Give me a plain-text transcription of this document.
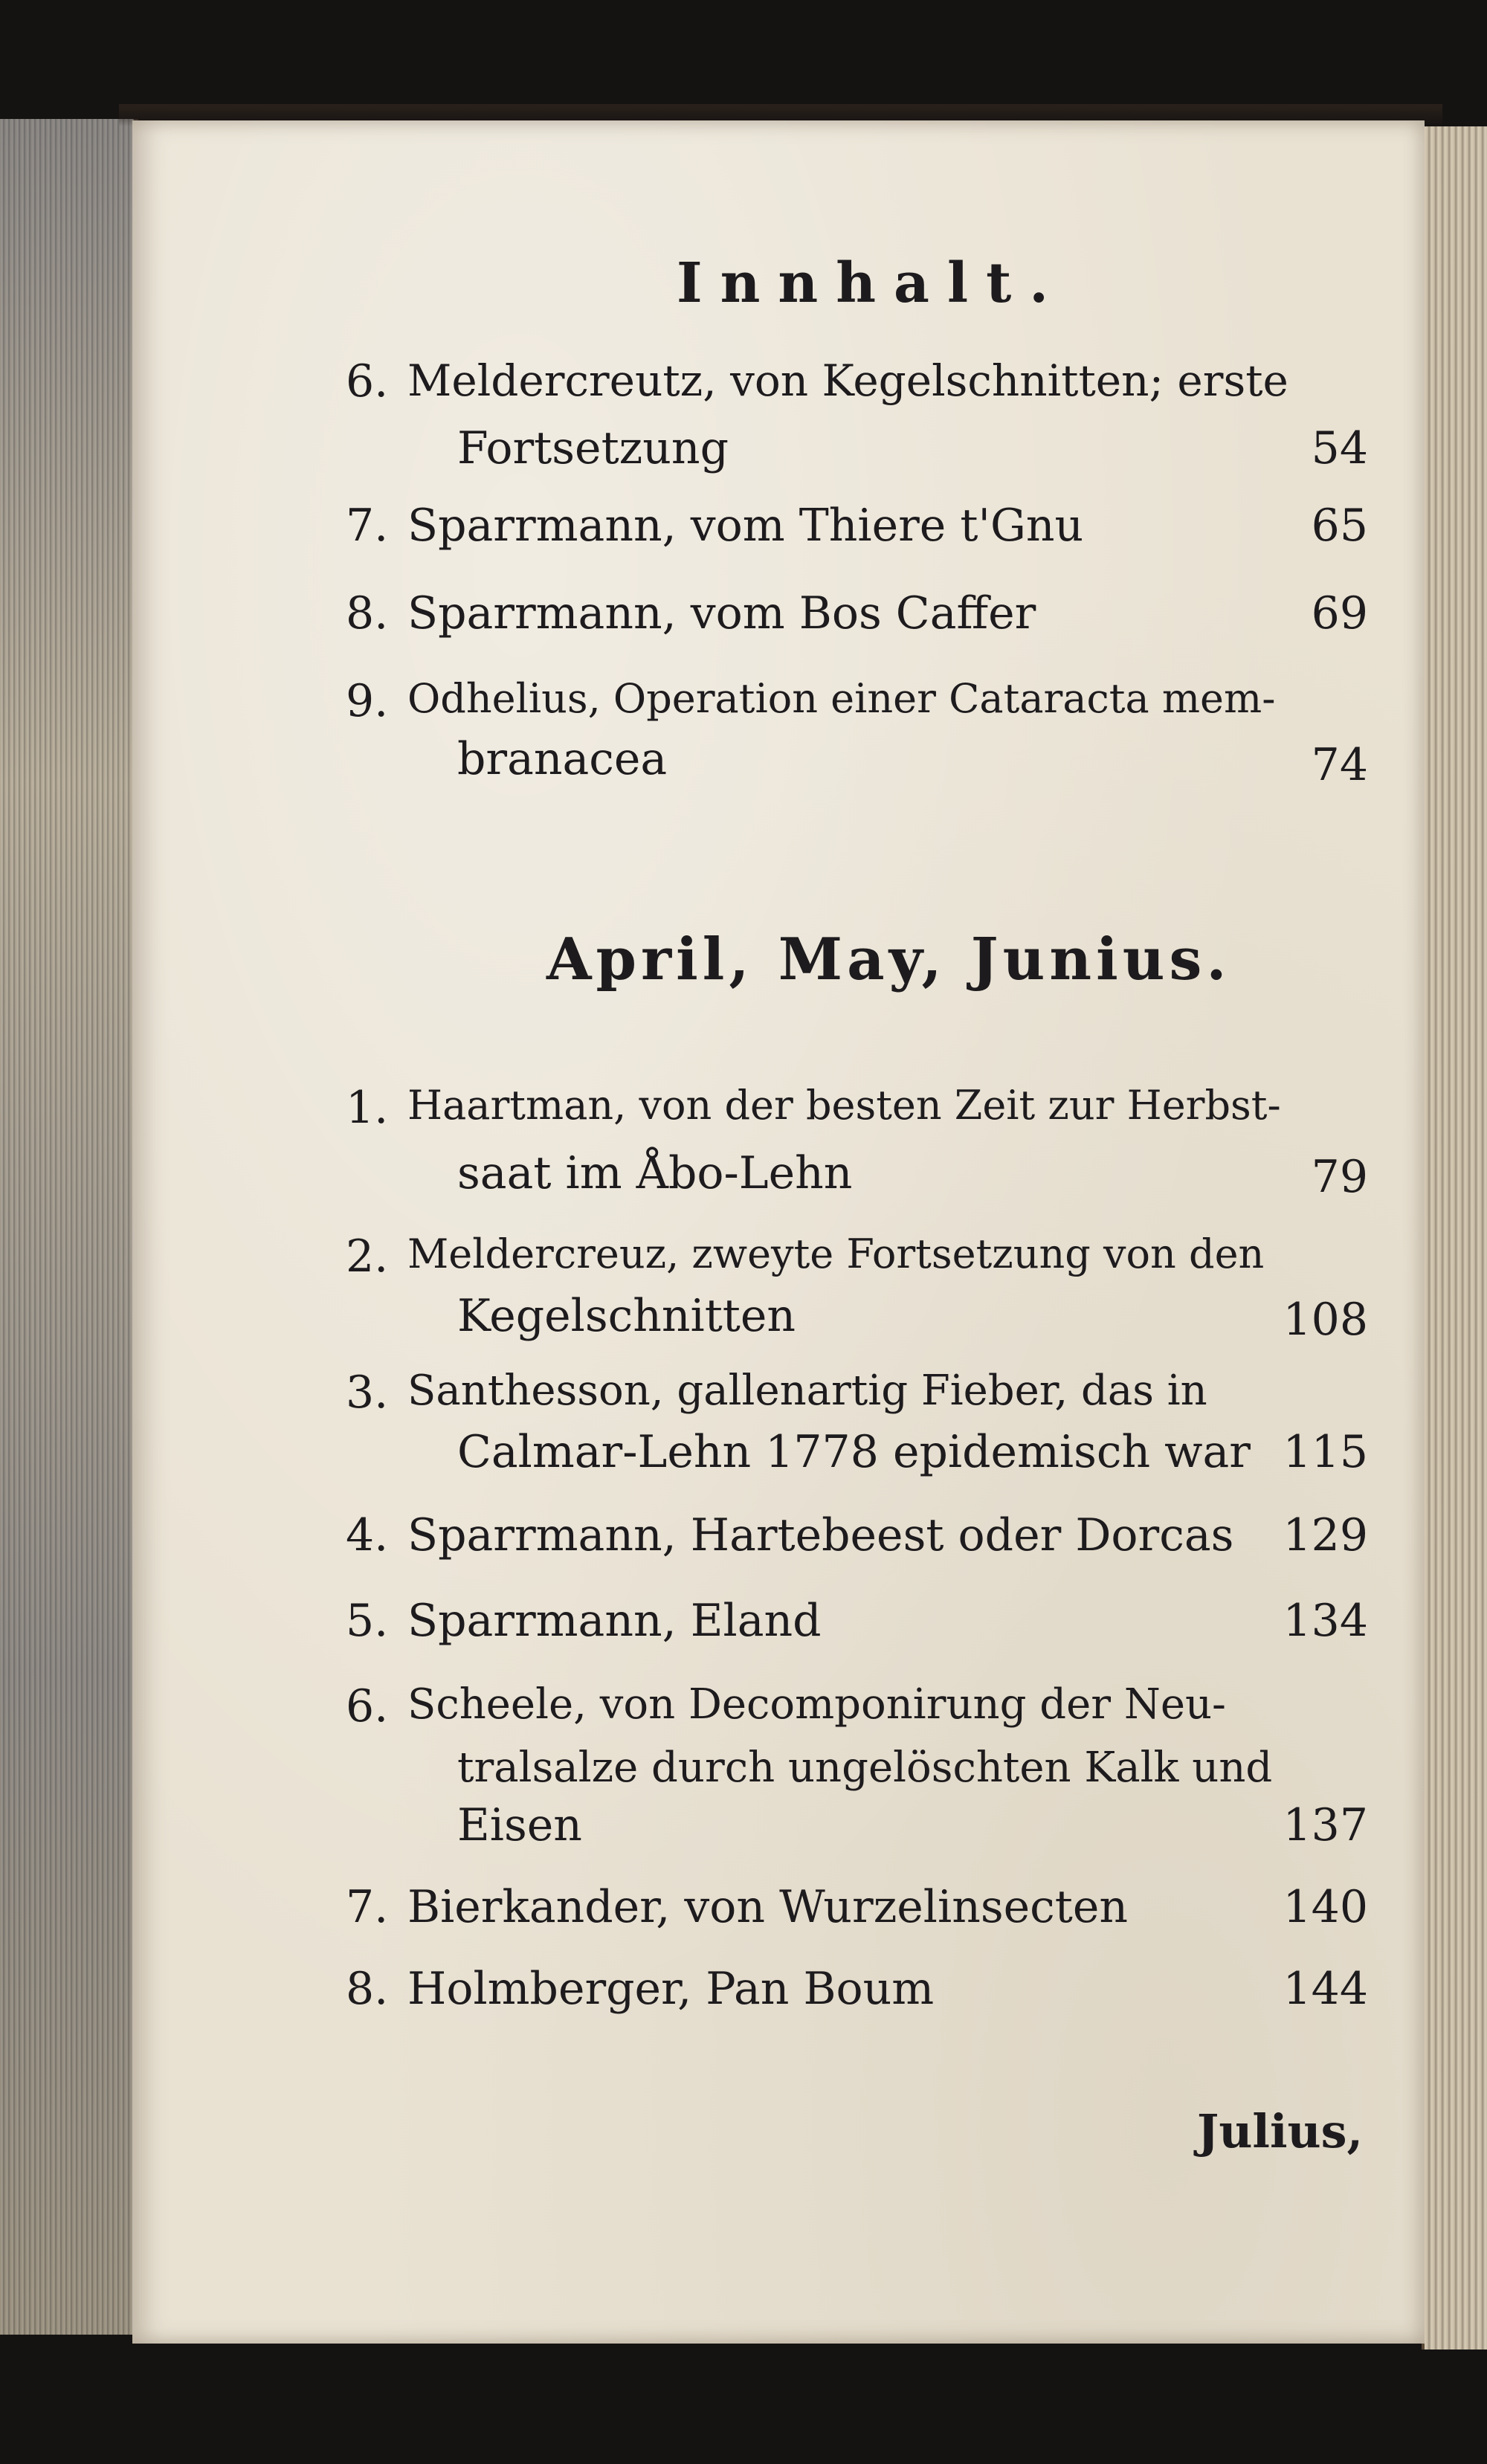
Innhalt.
6. Meldercreutz, von Kegelschnitten; erste
Fortsetzung	54
7. Sparrmann, vom Thiere t'Gnu	65
8. Sparrmann, vom Bos Caffer	69
9. Odhelius, Operation einer Cataracta mem-
branacea	74
April, May, Junius.
1. Haartman, von der besten Zeit zur Herbst-
saat im Åbo-Lehn	79
2. Meldercreuz, zweyte Fortsetzung von den
Kegelschnitten	108
3. Santhesson, gallenartig Fieber, das in
Calmar-Lehn 1778 epidemisch war 115
4. Sparrmann, Hartebeest oder Dorcas	129
5. Sparrmann, Eland	134
6. Scheele, von Decomponirung der Neu-
tralsalze durch ungelöschten Kalk und
Eisen	137
7. Bierkander, von Wurzelinsecten	140
8. Holmberger, Pan Boum	144
Julius,
